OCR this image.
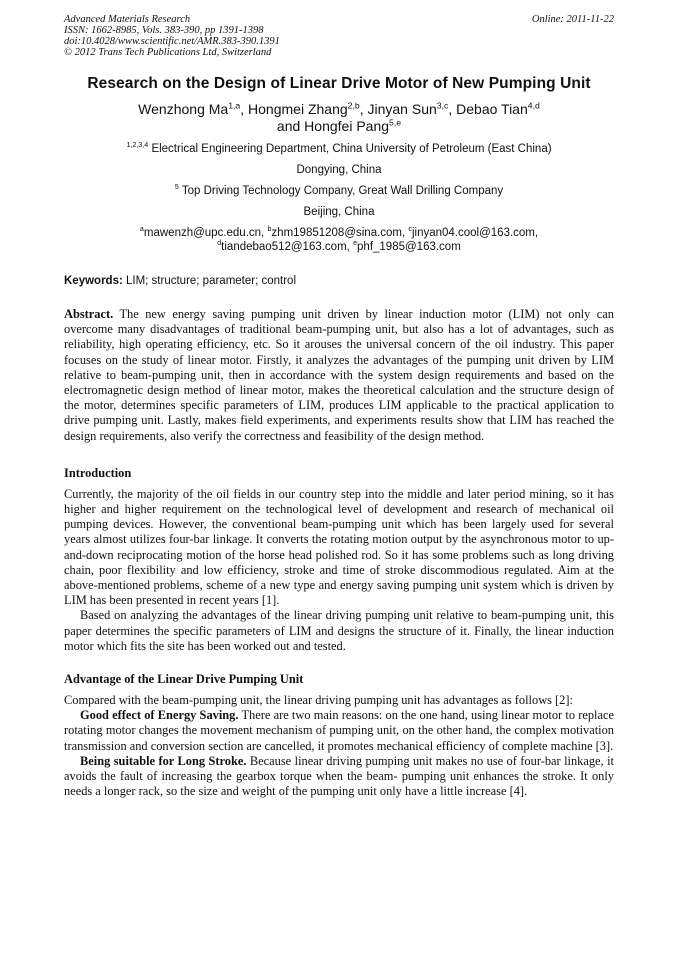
Advanced Materials Research
ISSN: 1662-8985, Vols. 383-390, pp 1391-1398
doi:10.4028/www.scientific.net/AMR.383-390.1391
© 2012 Trans Tech Publications Ltd, Switzerland
Online: 2011-11-22
Research on the Design of Linear Drive Motor of New Pumping Unit
Wenzhong Ma$^{1,a}$, Hongmei Zhang$^{2,b}$, Jinyan Sun$^{3,c}$, Debao Tian$^{4,d}$
and Hongfei Pang$^{5,e}$

$^{1,2,3,4}$ Electrical Engineering Department, China University of Petroleum (East China)

Dongying, China

$^5$ Top Driving Technology Company, Great Wall Drilling Company

Beijing, China

$^a$mawenzh@upc.edu.cn, $^b$zhm19851208@sina.com, $^c$jinyan04.cool@163.com,
$^d$tiandebao512@163.com, $^e$phf_1985@163.com
Keywords: LIM; structure; parameter; control
Abstract. The new energy saving pumping unit driven by linear induction motor (LIM) not only can overcome many disadvantages of traditional beam-pumping unit, but also has a lot of advantages, such as reliability, high operating efficiency, etc. So it arouses the universal concern of the oil industry. This paper focuses on the study of linear motor. Firstly, it analyzes the advantages of the pumping unit driven by LIM relative to beam-pumping unit, then in accordance with the system design requirements and based on the electromagnetic design method of linear motor, makes the theoretical calculation and the structure design of the motor, determines specific parameters of LIM, produces LIM applicable to the practical application to drive pumping unit. Lastly, makes field experiments, and experiments results show that LIM has reached the design requirements, also verify the correctness and feasibility of the design method.
Introduction

Currently, the majority of the oil fields in our country step into the middle and later period mining, so it has higher and higher requirement on the technological level of development and research of mechanical oil pumping devices. However, the conventional beam-pumping unit which has been largely used for several years almost utilizes four-bar linkage. It converts the rotating motion output by the asynchronous motor to up-and-down reciprocating motion of the horse head polished rod. So it has some problems such as long driving chain, poor flexibility and low efficiency, stroke and time of stroke discommodious regulated. Aim at the above-mentioned problems, scheme of a new type and energy saving pumping unit system which is driven by LIM has been presented in recent years [1].

Based on analyzing the advantages of the linear driving pumping unit relative to beam-pumping unit, this paper determines the specific parameters of LIM and designs the structure of it. Finally, the linear induction motor which fits the site has been worked out and tested.

Advantage of the Linear Drive Pumping Unit

Compared with the beam-pumping unit, the linear driving pumping unit has advantages as follows [2]:

Good effect of Energy Saving. There are two main reasons: on the one hand, using linear motor to replace rotating motor changes the movement mechanism of pumping unit, on the other hand, the complex motivation transmission and conversion section are cancelled, it promotes mechanical efficiency of complete machine [3].

Being suitable for Long Stroke. Because linear driving pumping unit makes no use of four-bar linkage, it avoids the fault of increasing the gearbox torque when the beam- pumping unit enhances the stroke. It only needs a longer rack, so the size and weight of the pumping unit only have a little increase [4].
